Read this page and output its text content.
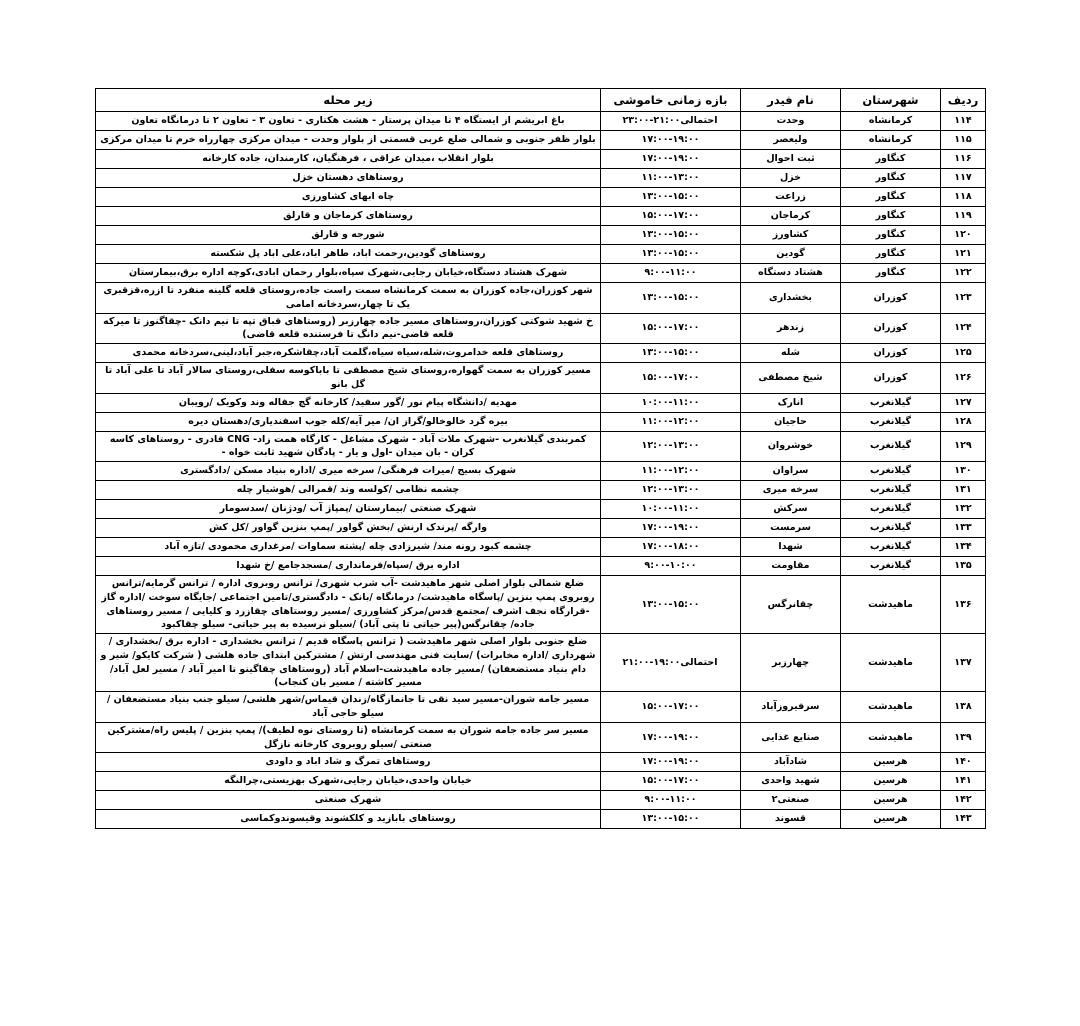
ردیف	شهرستان	نام فیدر	بازه زمانی خاموشی	زیر محله
۱۱۴	کرمانشاه	وحدت	احتمالی۲۱:۰۰-۲۳:۰۰	باغ ابریشم از ایستگاه ۴ تا میدان پرستار - هشت هکتاری - تعاون ۳ - تعاون ۲ تا درمانگاه تعاون
۱۱۵	کرمانشاه	ولیعصر	۱۷:۰۰-۱۹:۰۰	بلوار ظفر جنوبی و شمالی ضلع غربی قسمتی از بلوار وحدت - میدان مرکزی چهارراه خرم تا میدان مرکزی
۱۱۶	کنگاور	ثبت احوال	۱۷:۰۰-۱۹:۰۰	بلوار انقلاب ،میدان عراقی ، فرهنگیان، کارمندان، جاده کارخانه
۱۱۷	کنگاور	خزل	۱۱:۰۰-۱۳:۰۰	روستاهای دهستان خزل
۱۱۸	کنگاور	زراعت	۱۳:۰۰-۱۵:۰۰	چاه ابهای کشاورزی
۱۱۹	کنگاور	کرماجان	۱۵:۰۰-۱۷:۰۰	روستاهای کرماجان و قارلق
۱۲۰	کنگاور	کشاورز	۱۳:۰۰-۱۵:۰۰	شورجه و قارلق
۱۲۱	کنگاور	گودین	۱۳:۰۰-۱۵:۰۰	روستاهای گودین،رحمت اباد، طاهر اباد،علی اباد پل شکسته
۱۲۲	کنگاور	هشتاد دستگاه	۹:۰۰-۱۱:۰۰	شهرک هشتاد دستگاه،خیابان رجایی،شهرک سپاه،بلوار رحمان ابادی،کوچه اداره برق،بیمارستان
۱۲۳	کوزران	بخشداری	۱۳:۰۰-۱۵:۰۰	شهر کوزران،جاده کوزران به سمت کرمانشاه سمت راست جاده،روستای قلعه گلینه منفرد تا ازره،قزقبری یک تا چهار،سردخانه امامی
۱۲۴	کوزران	زندهر	۱۵:۰۰-۱۷:۰۰	خ شهید شوکتی کوزران،روستاهای مسیر جاده چهارزبر (روستاهای قباق تپه تا نیم دانک -چقاگنوز تا میرکه قلعه قاضی-نیم دانگ تا فرستنده قلعه قاضی)
۱۲۵	کوزران	شله	۱۳:۰۰-۱۵:۰۰	روستاهای قلعه خدامروت،شله،سیاه سیاه،گلمت آباد،چقاشکره،جبر آباد،لینی،سردخانه محمدی
۱۲۶	کوزران	شیخ مصطفی	۱۵:۰۰-۱۷:۰۰	مسیر کوزران به سمت گهواره،روستای شیخ مصطفی تا باباکوسه سفلی،روستای سالار آباد تا علی آباد تا گل بانو
۱۲۷	گیلانغرب	انارک	۱۰:۰۰-۱۱:۰۰	مهدیه /دانشگاه پیام نور /گور سفید/ کارخانه گچ جفاله وند وکویک /رویبان
۱۲۸	گیلانغرب	حاجیان	۱۱:۰۰-۱۲:۰۰	بیره گرد خالوخالو/گراز ان/ میر آیه/کله جوب اسفندیاری/دهستان دیره
۱۲۹	گیلانغرب	خوشروان	۱۲:۰۰-۱۳:۰۰	کمربندی گیلانغرب -شهرک ملات آباد - شهرک مشاغل - کارگاه همت زاد- CNG قادری - روستاهای کاسه کران - بان میدان -اول و یار - پادگان شهید ثابت خواه -
۱۳۰	گیلانغرب	سراوان	۱۱:۰۰-۱۲:۰۰	شهرک بسیج /میرات فرهنگی/ سرخه میری /اداره بنیاد مسکن /دادگستری
۱۳۱	گیلانغرب	سرخه میری	۱۲:۰۰-۱۳:۰۰	چشمه نظامی /کولسه وند /قمرالی /هوشیار چله
۱۳۲	گیلانغرب	سرکش	۱۰:۰۰-۱۱:۰۰	شهرک صنعتی /بیمارستان /پمپاژ آب /ودژنان /سدسومار
۱۳۳	گیلانغرب	سرمست	۱۷:۰۰-۱۹:۰۰	وارگه /پرندک ارنش /بخش گواور /پمپ بنزین گواور /کل کش
۱۳۴	گیلانغرب	شهدا	۱۷:۰۰-۱۸:۰۰	چشمه کبود رونه مند/ شیرزادی چله /پشته سماوات /مرغداری محمودی /تازه آباد
۱۳۵	گیلانغرب	مقاومت	۹:۰۰-۱۰:۰۰	اداره برق /سپاه/فرمانداری /مسجدجامع /خ شهدا
۱۳۶	ماهیدشت	چقانرگس	۱۳:۰۰-۱۵:۰۰	ضلع شمالی بلوار اصلی شهر ماهیدشت -آب شرب شهری/ ترانس روبروی اداره / ترانس گرمایه/ترانس روبروی پمپ بنزین /پاسگاه ماهیدشت/ درمانگاه /بانک - دادگستری/تامین اجتماعی /جایگاه سوخت /اداره گاز -قرارگاه نجف اشرف /مجتمع قدس/مرکز کشاورزی /مسیر روستاهای چقازرد و کلیایی / مسیر روستاهای جاده/ چقانرگس(پیر حیاتی تا پتی آباد) /سیلو نرسیده به پیر حیاتی- سیلو چقاکبود
۱۳۷	ماهیدشت	چهارزبر	احتمالی۱۹:۰۰-۲۱:۰۰	ضلع جنوبی بلوار اصلی شهر ماهیدشت ( ترانس پاسگاه قدیم / ترانس بخشداری - اداره برق /بخشداری /شهرداری /اداره مخابرات) /سایت فنی مهندسی ارتش / مشترکین ابتدای جاده هلشی ( شرکت کایکو/ شیر و دام بنیاد مستضعفان) /مسیر جاده ماهیدشت-اسلام آباد (روستاهای چقاگینو تا امیر آباد / مسیر لعل آباد/مسیر کاشته / مسیر بان کنجاب)
۱۳۸	ماهیدشت	سرفیروزآباد	۱۵:۰۰-۱۷:۰۰	مسیر جامه شوران-مسیر سید نقی تا جانمازگاه/زندان قیماس/شهر هلشی/ سیلو جنب بنیاد مستضعفان / سیلو حاجی آباد
۱۳۹	ماهیدشت	صنایع غذایی	۱۷:۰۰-۱۹:۰۰	مسیر سر جاده جامه شوران به سمت کرمانشاه (تا روستای نوه لطیف)/ پمپ بنزین / پلیس راه/مشترکین صنعتی /سیلو روبروی کارخانه نازگل
۱۴۰	هرسین	شادآباد	۱۷:۰۰-۱۹:۰۰	روستاهای تمرگ و شاد اباد و داودی
۱۴۱	هرسین	شهید واحدی	۱۵:۰۰-۱۷:۰۰	خیابان واحدی،خیابان رجایی،شهرک بهزیستی،چرالنگه
۱۴۲	هرسین	صنعتی۲	۹:۰۰-۱۱:۰۰	شهرک صنعتی
۱۴۳	هرسین	قسوند	۱۳:۰۰-۱۵:۰۰	روستاهای بابازید و کلکشوند وقیسوندوکماسی
